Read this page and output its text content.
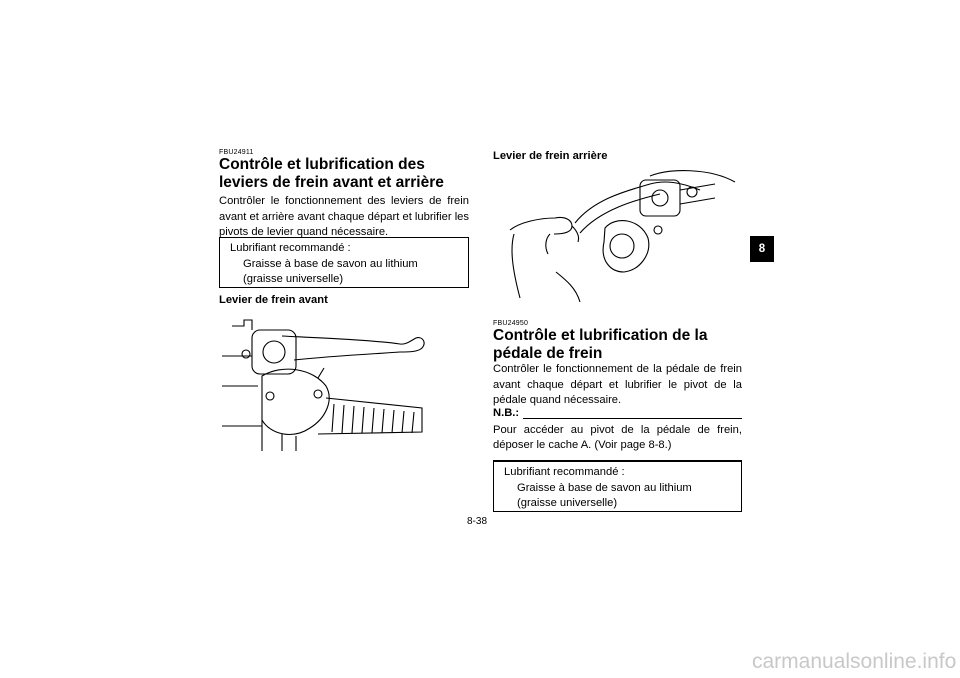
FBU24911
Contrôle et lubrification des leviers de frein avant et arrière
Contrôler le fonctionnement des leviers de frein avant et arrière avant chaque départ et lubrifier les pivots de levier quand nécessaire.
Lubrifiant recommandé :
Graisse à base de savon au lithium (graisse universelle)
Levier de frein avant
Levier de frein arrière
FBU24950
Contrôle et lubrification de la pédale de frein
Contrôler le fonctionnement de la pédale de frein avant chaque départ et lubrifier le pivot de la pédale quand nécessaire.
N.B.:
Pour accéder au pivot de la pédale de frein, déposer le cache A. (Voir page 8-8.)
Lubrifiant recommandé :
Graisse à base de savon au lithium (graisse universelle)
8
8-38
carmanualsonline.info
